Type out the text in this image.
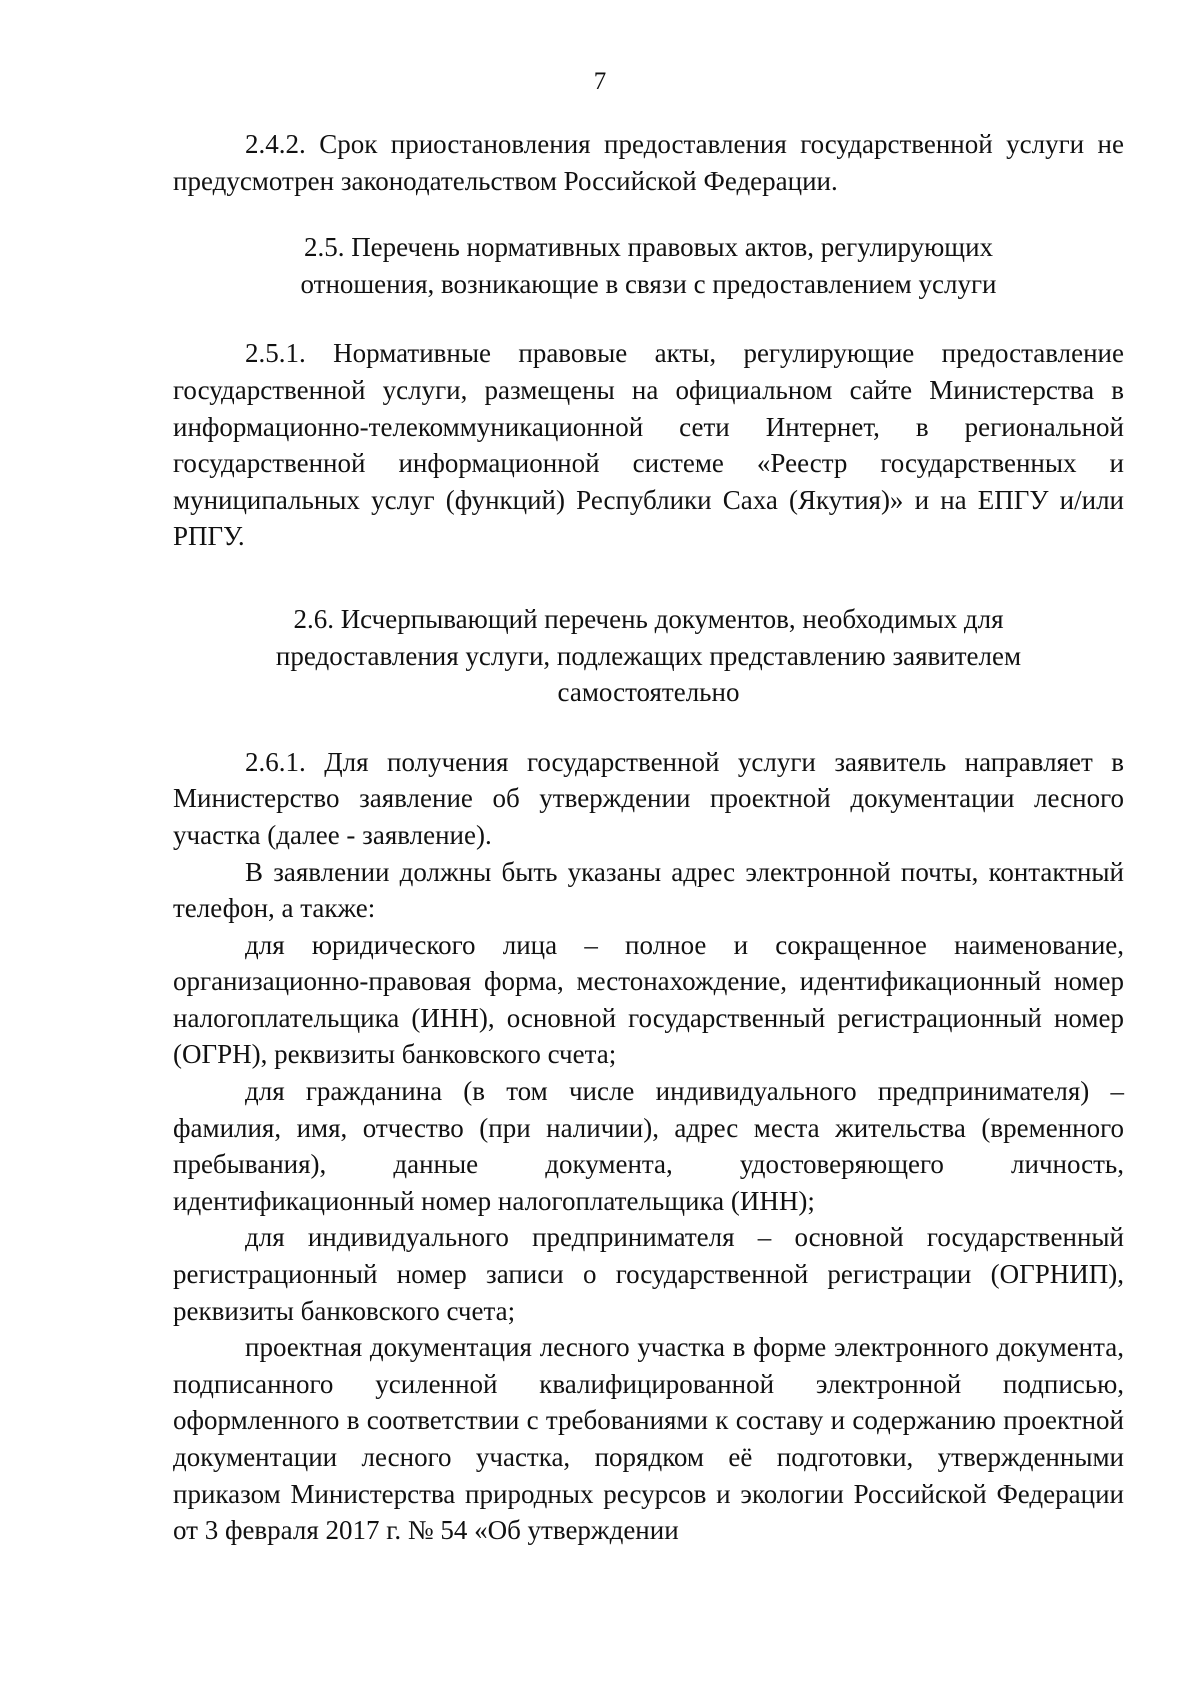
7

2.4.2. Срок приостановления предоставления государственной услуги не предусмотрен законодательством Российской Федерации.

2.5. Перечень нормативных правовых актов, регулирующих отношения, возникающие в связи с предоставлением услуги

2.5.1. Нормативные правовые акты, регулирующие предоставление государственной услуги, размещены на официальном сайте Министерства в информационно-телекоммуникационной сети Интернет, в региональной государственной информационной системе «Реестр государственных и муниципальных услуг (функций) Республики Саха (Якутия)» и на ЕПГУ и/или РПГУ.

2.6. Исчерпывающий перечень документов, необходимых для предоставления услуги, подлежащих представлению заявителем самостоятельно

2.6.1. Для получения государственной услуги заявитель направляет в Министерство заявление об утверждении проектной документации лесного участка (далее - заявление).

В заявлении должны быть указаны адрес электронной почты, контактный телефон, а также:

для юридического лица – полное и сокращенное наименование, организационно-правовая форма, местонахождение, идентификационный номер налогоплательщика (ИНН), основной государственный регистрационный номер (ОГРН), реквизиты банковского счета;

для гражданина (в том числе индивидуального предпринимателя) – фамилия, имя, отчество (при наличии), адрес места жительства (временного пребывания), данные документа, удостоверяющего личность, идентификационный номер налогоплательщика (ИНН);

для индивидуального предпринимателя – основной государственный регистрационный номер записи о государственной регистрации (ОГРНИП), реквизиты банковского счета;

проектная документация лесного участка в форме электронного документа, подписанного усиленной квалифицированной электронной подписью, оформленного в соответствии с требованиями к составу и содержанию проектной документации лесного участка, порядком её подготовки, утвержденными приказом Министерства природных ресурсов и экологии Российской Федерации от 3 февраля 2017 г. № 54 «Об утверждении
